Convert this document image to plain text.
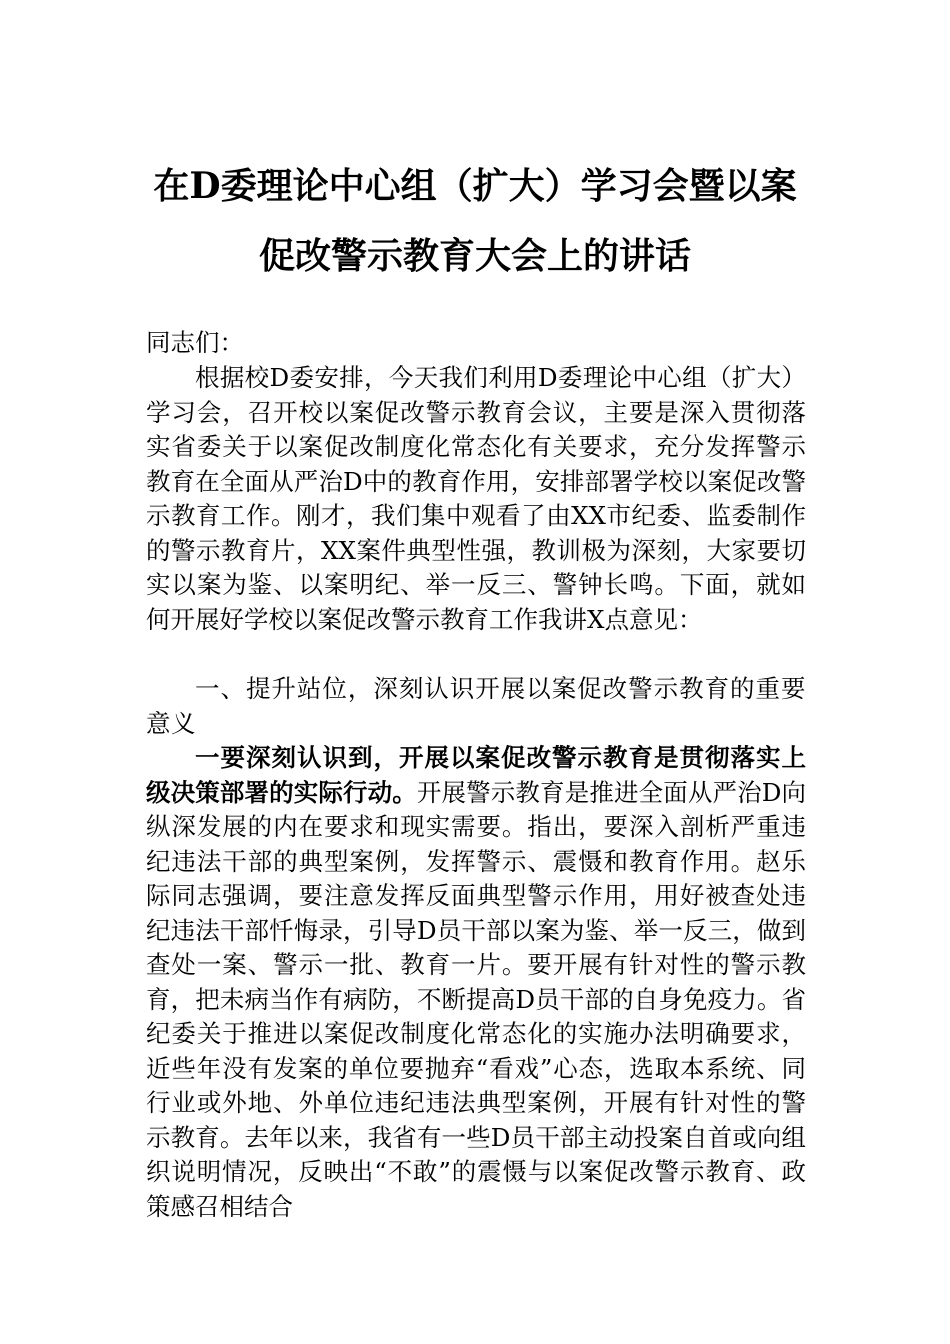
在D委理论中心组（扩大）学习会暨以案
促改警示教育大会上的讲话
同志们：
根据校D委安排，今天我们利用D委理论中心组（扩大）学习会，召开校以案促改警示教育会议，主要是深入贯彻落实省委关于以案促改制度化常态化有关要求，充分发挥警示教育在全面从严治D中的教育作用，安排部署学校以案促改警示教育工作。刚才，我们集中观看了由XX市纪委、监委制作的警示教育片，XX案件典型性强，教训极为深刻，大家要切实以案为鉴、以案明纪、举一反三、警钟长鸣。下面，就如何开展好学校以案促改警示教育工作我讲X点意见：
一、提升站位，深刻认识开展以案促改警示教育的重要意义
一要深刻认识到，开展以案促改警示教育是贯彻落实上级决策部署的实际行动。开展警示教育是推进全面从严治D向纵深发展的内在要求和现实需要。指出，要深入剖析严重违纪违法干部的典型案例，发挥警示、震慑和教育作用。赵乐际同志强调，要注意发挥反面典型警示作用，用好被查处违纪违法干部忏悔录，引导D员干部以案为鉴、举一反三，做到查处一案、警示一批、教育一片。要开展有针对性的警示教育，把未病当作有病防，不断提高D员干部的自身免疫力。省纪委关于推进以案促改制度化常态化的实施办法明确要求，近些年没有发案的单位要抛弃“看戏”心态，选取本系统、同行业或外地、外单位违纪违法典型案例，开展有针对性的警示教育。去年以来，我省有一些D员干部主动投案自首或向组织说明情况，反映出“不敢”的震慑与以案促改警示教育、政策感召相结合
